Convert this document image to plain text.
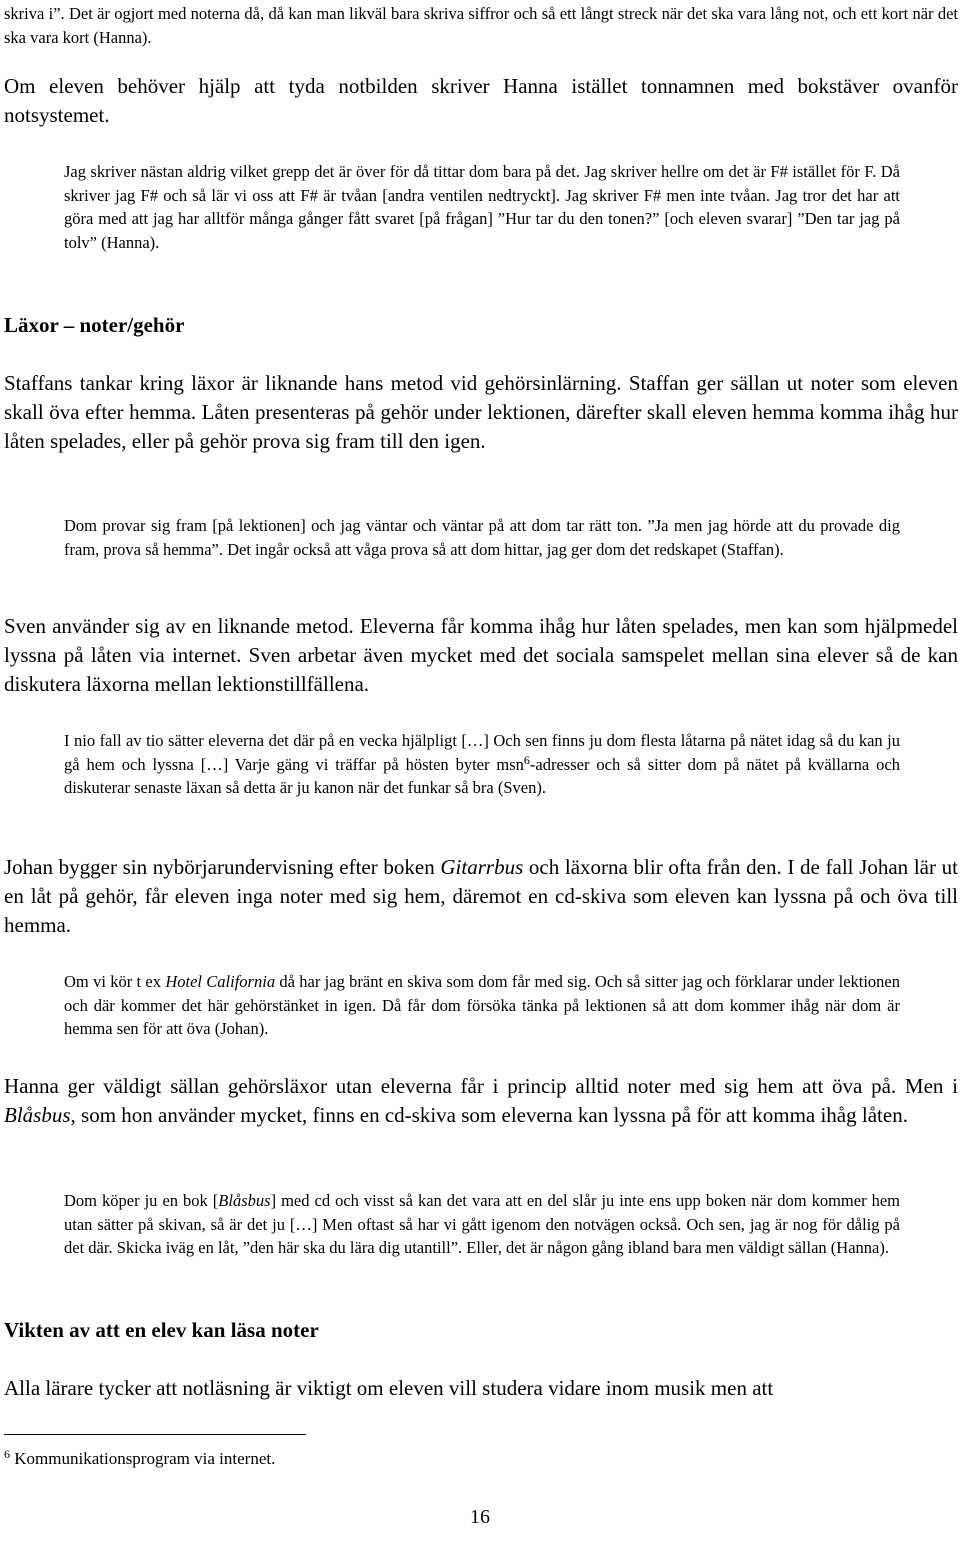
skriva i”. Det är ogjort med noterna då, då kan man likväl bara skriva siffror och så ett långt streck när det ska vara lång not, och ett kort när det ska vara kort (Hanna).

Om eleven behöver hjälp att tyda notbilden skriver Hanna istället tonnamnen med bokstäver ovanför notsystemet.

Jag skriver nästan aldrig vilket grepp det är över för då tittar dom bara på det. Jag skriver hellre om det är F# istället för F. Då skriver jag F# och så lär vi oss att F# är tvåan [andra ventilen nedtryckt]. Jag skriver F# men inte tvåan. Jag tror det har att göra med att jag har alltför många gånger fått svaret [på frågan] ”Hur tar du den tonen?” [och eleven svarar] ”Den tar jag på tolv” (Hanna).

Läxor – noter/gehör

Staffans tankar kring läxor är liknande hans metod vid gehörsinlärning. Staffan ger sällan ut noter som eleven skall öva efter hemma. Låten presenteras på gehör under lektionen, därefter skall eleven hemma komma ihåg hur låten spelades, eller på gehör prova sig fram till den igen.

Dom provar sig fram [på lektionen] och jag väntar och väntar på att dom tar rätt ton. ”Ja men jag hörde att du provade dig fram, prova så hemma”. Det ingår också att våga prova så att dom hittar, jag ger dom det redskapet (Staffan).

Sven använder sig av en liknande metod. Eleverna får komma ihåg hur låten spelades, men kan som hjälpmedel lyssna på låten via internet. Sven arbetar även mycket med det sociala samspelet mellan sina elever så de kan diskutera läxorna mellan lektionstillfällena.

I nio fall av tio sätter eleverna det där på en vecka hjälpligt […] Och sen finns ju dom flesta låtarna på nätet idag så du kan ju gå hem och lyssna […] Varje gäng vi träffar på hösten byter msn$^6$-adresser och så sitter dom på nätet på kvällarna och diskuterar senaste läxan så detta är ju kanon när det funkar så bra (Sven).

Johan bygger sin nybörjarundervisning efter boken Gitarrbus och läxorna blir ofta från den. I de fall Johan lär ut en låt på gehör, får eleven inga noter med sig hem, däremot en cd-skiva som eleven kan lyssna på och öva till hemma.

Om vi kör t ex Hotel California då har jag bränt en skiva som dom får med sig. Och så sitter jag och förklarar under lektionen och där kommer det här gehörstänket in igen. Då får dom försöka tänka på lektionen så att dom kommer ihåg när dom är hemma sen för att öva (Johan).

Hanna ger väldigt sällan gehörsläxor utan eleverna får i princip alltid noter med sig hem att öva på. Men i Blåsbus, som hon använder mycket, finns en cd-skiva som eleverna kan lyssna på för att komma ihåg låten.

Dom köper ju en bok [Blåsbus] med cd och visst så kan det vara att en del slår ju inte ens upp boken när dom kommer hem utan sätter på skivan, så är det ju […] Men oftast så har vi gått igenom den notvägen också. Och sen, jag är nog för dålig på det där. Skicka iväg en låt, ”den här ska du lära dig utantill”. Eller, det är någon gång ibland bara men väldigt sällan (Hanna).

Vikten av att en elev kan läsa noter

Alla lärare tycker att notläsning är viktigt om eleven vill studera vidare inom musik men att

$^6$ Kommunikationsprogram via internet.

16
